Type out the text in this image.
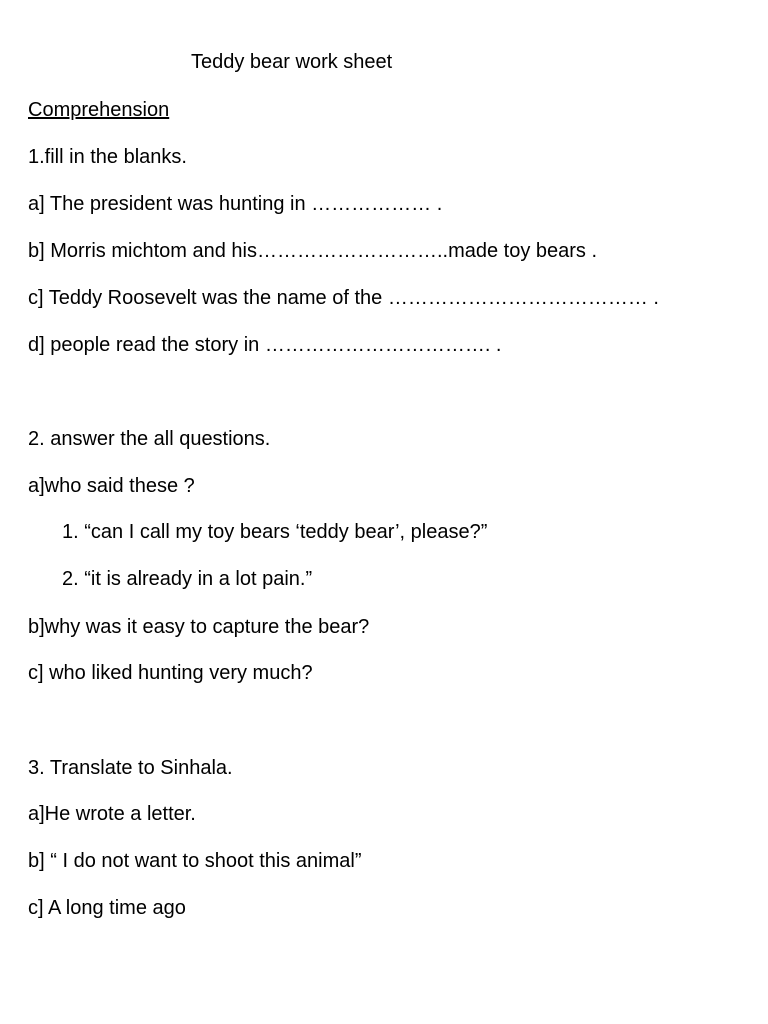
Teddy bear work sheet
Comprehension
1.fill in the blanks.
a] The president was hunting in ……………… .
b] Morris michtom and his………………………..made toy bears .
c] Teddy Roosevelt was the name of the ………………………………… .
d] people read the story in ……………………………. .
2. answer the all questions.
a]who said these ?
1. “can I call my toy bears ‘teddy bear’, please?”
2. “it is already in a lot pain.”
b]why was it easy to capture the bear?
c] who liked hunting very much?
3. Translate to Sinhala.
a]He wrote a letter.
b] “ I do not want to shoot this animal”
c] A long time ago
